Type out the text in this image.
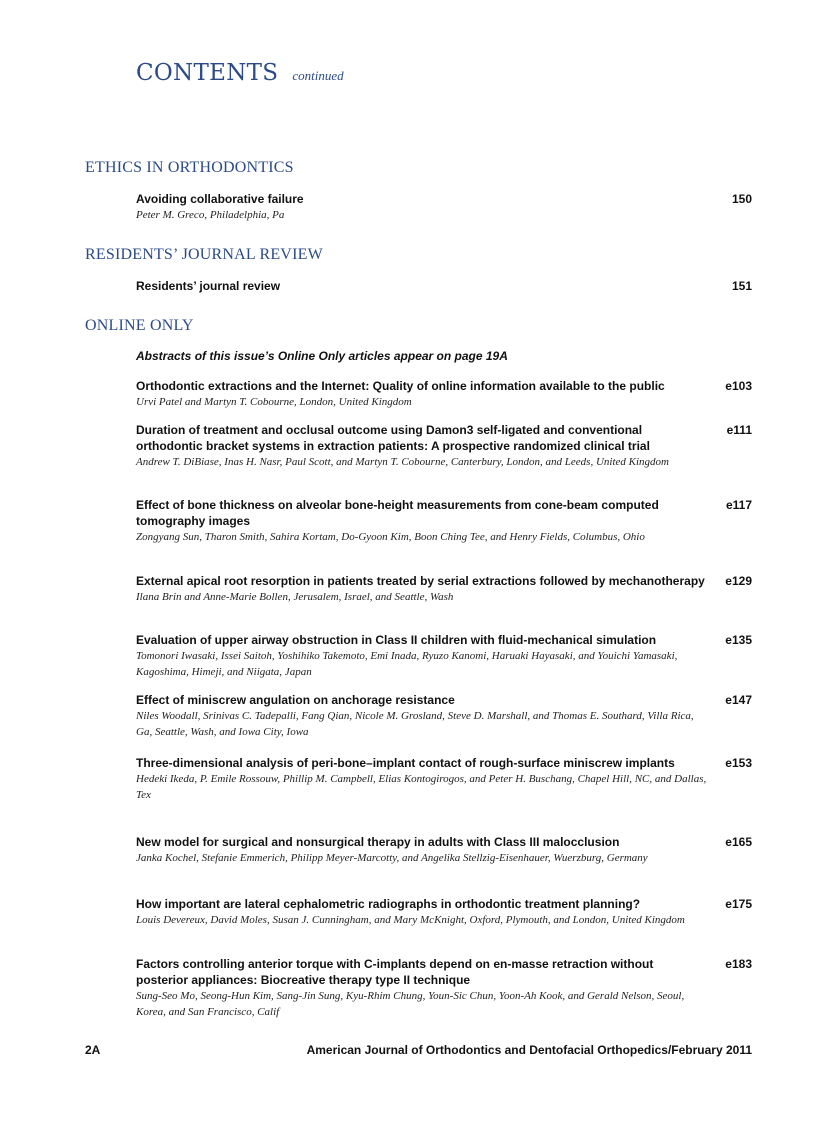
CONTENTS continued
ETHICS IN ORTHODONTICS
Avoiding collaborative failure
Peter M. Greco, Philadelphia, Pa
150
RESIDENTS’ JOURNAL REVIEW
Residents’ journal review	151
ONLINE ONLY
Abstracts of this issue’s Online Only articles appear on page 19A
Orthodontic extractions and the Internet: Quality of online information available to the public
Urvi Patel and Martyn T. Cobourne, London, United Kingdom
e103
Duration of treatment and occlusal outcome using Damon3 self-ligated and conventional orthodontic bracket systems in extraction patients: A prospective randomized clinical trial
Andrew T. DiBiase, Inas H. Nasr, Paul Scott, and Martyn T. Cobourne, Canterbury, London, and Leeds, United Kingdom
e111
Effect of bone thickness on alveolar bone-height measurements from cone-beam computed tomography images
Zongyang Sun, Tharon Smith, Sahira Kortam, Do-Gyoon Kim, Boon Ching Tee, and Henry Fields, Columbus, Ohio
e117
External apical root resorption in patients treated by serial extractions followed by mechanotherapy
Ilana Brin and Anne-Marie Bollen, Jerusalem, Israel, and Seattle, Wash
e129
Evaluation of upper airway obstruction in Class II children with fluid-mechanical simulation
Tomonori Iwasaki, Issei Saitoh, Yoshihiko Takemoto, Emi Inada, Ryuzo Kanomi, Haruaki Hayasaki, and Youichi Yamasaki, Kagoshima, Himeji, and Niigata, Japan
e135
Effect of miniscrew angulation on anchorage resistance
Niles Woodall, Srinivas C. Tadepalli, Fang Qian, Nicole M. Grosland, Steve D. Marshall, and Thomas E. Southard, Villa Rica, Ga, Seattle, Wash, and Iowa City, Iowa
e147
Three-dimensional analysis of peri-bone–implant contact of rough-surface miniscrew implants
Hedeki Ikeda, P. Emile Rossouw, Phillip M. Campbell, Elias Kontogirogos, and Peter H. Buschang, Chapel Hill, NC, and Dallas, Tex
e153
New model for surgical and nonsurgical therapy in adults with Class III malocclusion
Janka Kochel, Stefanie Emmerich, Philipp Meyer-Marcotty, and Angelika Stellzig-Eisenhauer, Wuerzburg, Germany
e165
How important are lateral cephalometric radiographs in orthodontic treatment planning?
Louis Devereux, David Moles, Susan J. Cunningham, and Mary McKnight, Oxford, Plymouth, and London, United Kingdom
e175
Factors controlling anterior torque with C-implants depend on en-masse retraction without posterior appliances: Biocreative therapy type II technique
Sung-Seo Mo, Seong-Hun Kim, Sang-Jin Sung, Kyu-Rhim Chung, Youn-Sic Chun, Yoon-Ah Kook, and Gerald Nelson, Seoul, Korea, and San Francisco, Calif
e183
2A	American Journal of Orthodontics and Dentofacial Orthopedics/February 2011
